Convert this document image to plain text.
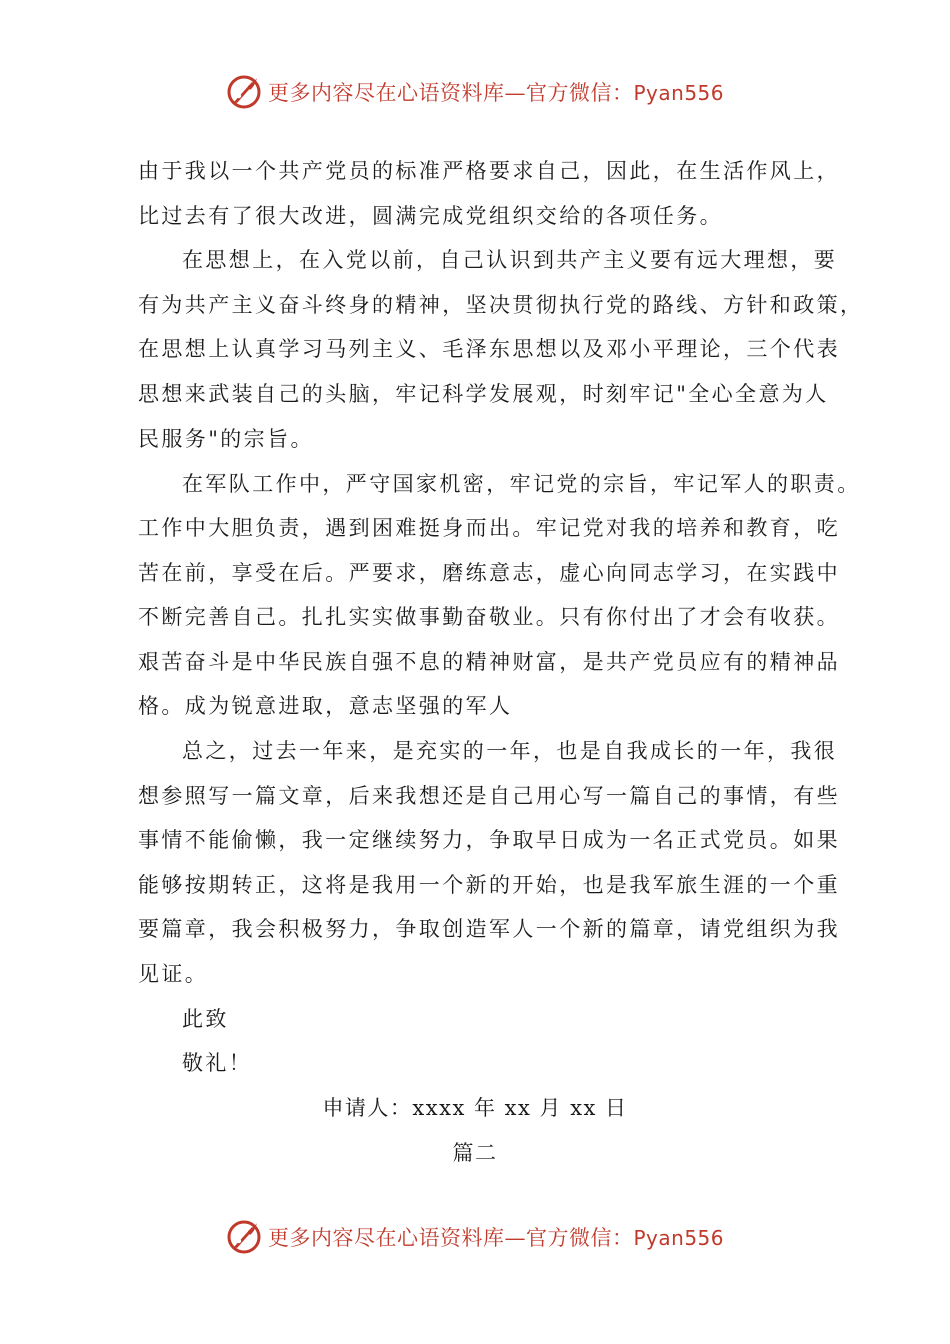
更多内容尽在心语资料库—官方微信：Pyan556
由于我以一个共产党员的标准严格要求自己，因此，在生活作风上，
比过去有了很大改进，圆满完成党组织交给的各项任务。
在思想上，在入党以前，自己认识到共产主义要有远大理想，要
有为共产主义奋斗终身的精神，坚决贯彻执行党的路线、方针和政策，
在思想上认真学习马列主义、毛泽东思想以及邓小平理论，三个代表
思想来武装自己的头脑，牢记科学发展观，时刻牢记"全心全意为人
民服务"的宗旨。
在军队工作中，严守国家机密，牢记党的宗旨，牢记军人的职责。
工作中大胆负责，遇到困难挺身而出。牢记党对我的培养和教育，吃
苦在前，享受在后。严要求，磨练意志，虚心向同志学习，在实践中
不断完善自己。扎扎实实做事勤奋敬业。只有你付出了才会有收获。
艰苦奋斗是中华民族自强不息的精神财富，是共产党员应有的精神品
格。成为锐意进取，意志坚强的军人
总之，过去一年来，是充实的一年，也是自我成长的一年，我很
想参照写一篇文章，后来我想还是自己用心写一篇自己的事情，有些
事情不能偷懒，我一定继续努力，争取早日成为一名正式党员。如果
能够按期转正，这将是我用一个新的开始，也是我军旅生涯的一个重
要篇章，我会积极努力，争取创造军人一个新的篇章，请党组织为我
见证。
此致
敬礼！
申请人：xxxx 年 xx 月 xx 日
篇二
更多内容尽在心语资料库—官方微信：Pyan556
